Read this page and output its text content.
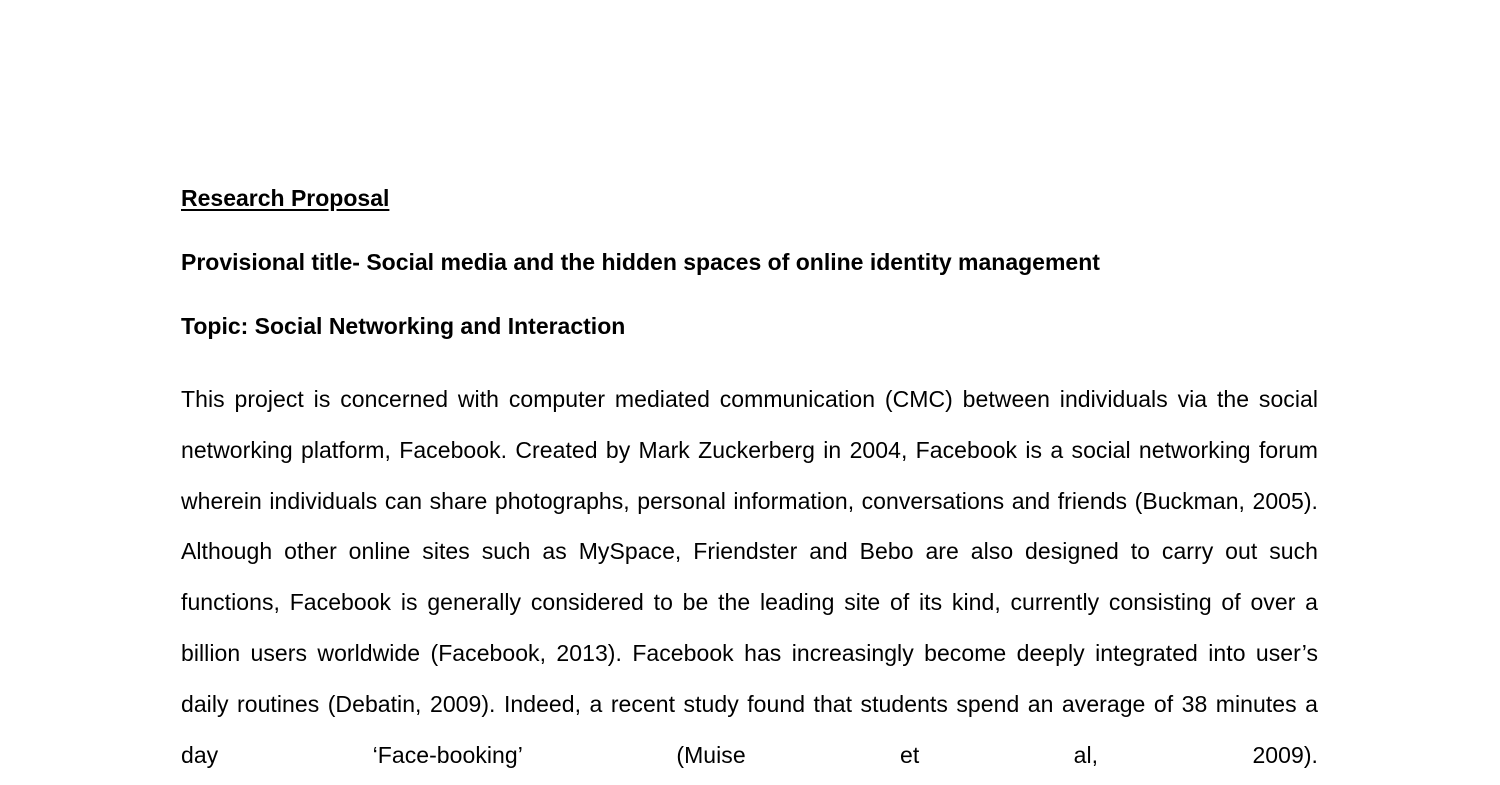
Research Proposal
Provisional title- Social media and the hidden spaces of online identity management
Topic: Social Networking and Interaction

This project is concerned with computer mediated communication (CMC) between individuals via the social networking platform, Facebook. Created by Mark Zuckerberg in 2004, Facebook is a social networking forum wherein individuals can share photographs, personal information, conversations and friends (Buckman, 2005). Although other online sites such as MySpace, Friendster and Bebo are also designed to carry out such functions, Facebook is generally considered to be the leading site of its kind, currently consisting of over a billion users worldwide (Facebook, 2013). Facebook has increasingly become deeply integrated into user’s daily routines (Debatin, 2009). Indeed, a recent study found that students spend an average of 38 minutes a day ‘Face-booking’ (Muise et al, 2009).
